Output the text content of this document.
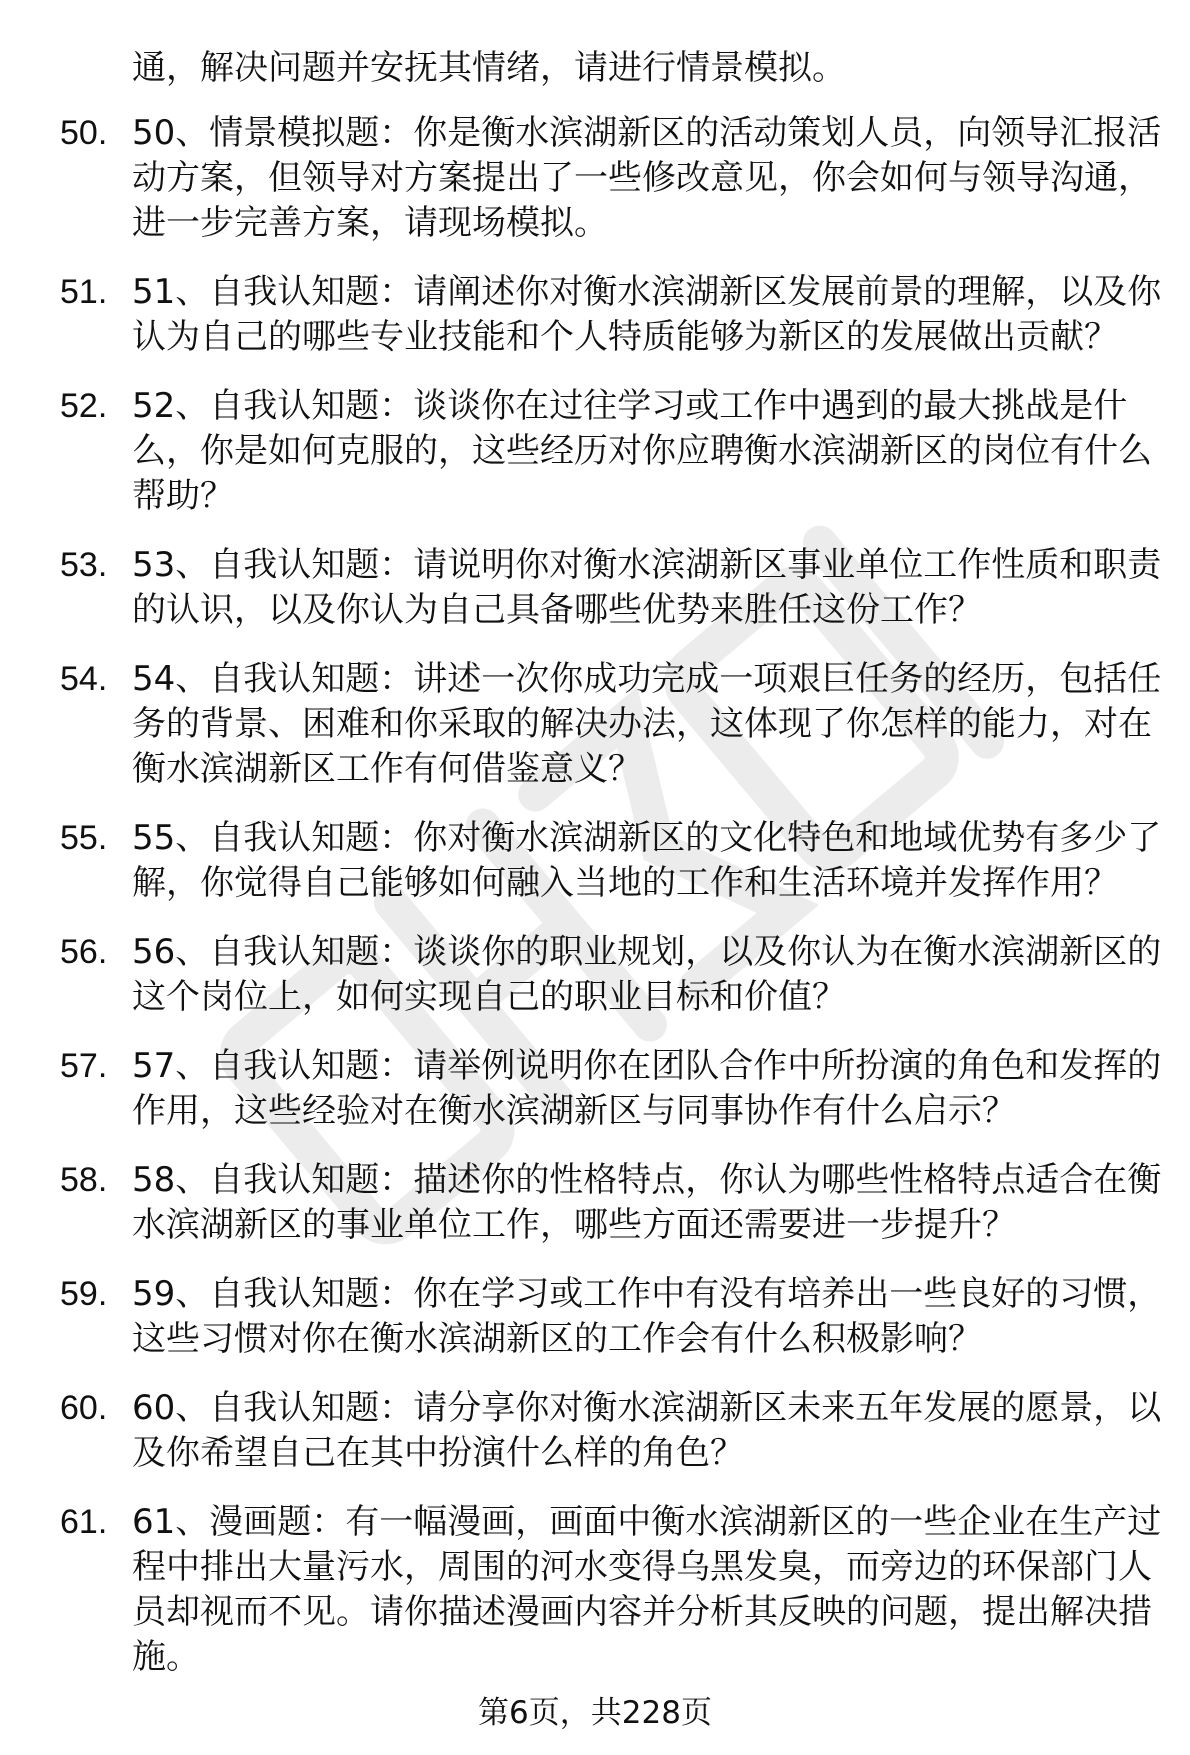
通，解决问题并安抚其情绪，请进行情景模拟。
50. 50、情景模拟题：你是衡水滨湖新区的活动策划人员，向领导汇报活动方案，但领导对方案提出了一些修改意见，你会如何与领导沟通，进一步完善方案，请现场模拟。
51. 51、自我认知题：请阐述你对衡水滨湖新区发展前景的理解，以及你认为自己的哪些专业技能和个人特质能够为新区的发展做出贡献？
52. 52、自我认知题：谈谈你在过往学习或工作中遇到的最大挑战是什么，你是如何克服的，这些经历对你应聘衡水滨湖新区的岗位有什么帮助？
53. 53、自我认知题：请说明你对衡水滨湖新区事业单位工作性质和职责的认识，以及你认为自己具备哪些优势来胜任这份工作？
54. 54、自我认知题：讲述一次你成功完成一项艰巨任务的经历，包括任务的背景、困难和你采取的解决办法，这体现了你怎样的能力，对在衡水滨湖新区工作有何借鉴意义？
55. 55、自我认知题：你对衡水滨湖新区的文化特色和地域优势有多少了解，你觉得自己能够如何融入当地的工作和生活环境并发挥作用？
56. 56、自我认知题：谈谈你的职业规划，以及你认为在衡水滨湖新区的这个岗位上，如何实现自己的职业目标和价值？
57. 57、自我认知题：请举例说明你在团队合作中所扮演的角色和发挥的作用，这些经验对在衡水滨湖新区与同事协作有什么启示？
58. 58、自我认知题：描述你的性格特点，你认为哪些性格特点适合在衡水滨湖新区的事业单位工作，哪些方面还需要进一步提升？
59. 59、自我认知题：你在学习或工作中有没有培养出一些良好的习惯，这些习惯对你在衡水滨湖新区的工作会有什么积极影响？
60. 60、自我认知题：请分享你对衡水滨湖新区未来五年发展的愿景，以及你希望自己在其中扮演什么样的角色？
61. 61、漫画题：有一幅漫画，画面中衡水滨湖新区的一些企业在生产过程中排出大量污水，周围的河水变得乌黑发臭，而旁边的环保部门人员却视而不见。请你描述漫画内容并分析其反映的问题，提出解决措施。
第6页，共228页
